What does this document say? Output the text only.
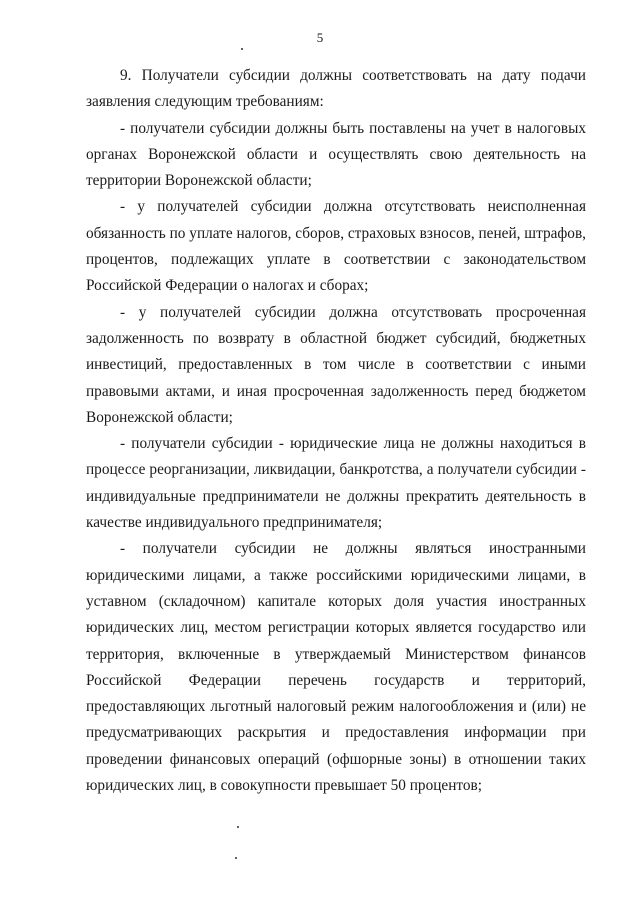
5

9. Получатели субсидии должны соответствовать на дату подачи заявления следующим требованиям:

- получатели субсидии должны быть поставлены на учет в налоговых органах Воронежской области и осуществлять свою деятельность на территории Воронежской области;

- у получателей субсидии должна отсутствовать неисполненная обязанность по уплате налогов, сборов, страховых взносов, пеней, штрафов, процентов, подлежащих уплате в соответствии с законодательством Российской Федерации о налогах и сборах;

- у получателей субсидии должна отсутствовать просроченная задолженность по возврату в областной бюджет субсидий, бюджетных инвестиций, предоставленных в том числе в соответствии с иными правовыми актами, и иная просроченная задолженность перед бюджетом Воронежской области;

- получатели субсидии - юридические лица не должны находиться в процессе реорганизации, ликвидации, банкротства, а получатели субсидии - индивидуальные предприниматели не должны прекратить деятельность в качестве индивидуального предпринимателя;

- получатели субсидии не должны являться иностранными юридическими лицами, а также российскими юридическими лицами, в уставном (складочном) капитале которых доля участия иностранных юридических лиц, местом регистрации которых является государство или территория, включенные в утверждаемый Министерством финансов Российской Федерации перечень государств и территорий, предоставляющих льготный налоговый режим налогообложения и (или) не предусматривающих раскрытия и предоставления информации при проведении финансовых операций (офшорные зоны) в отношении таких юридических лиц, в совокупности превышает 50 процентов;
